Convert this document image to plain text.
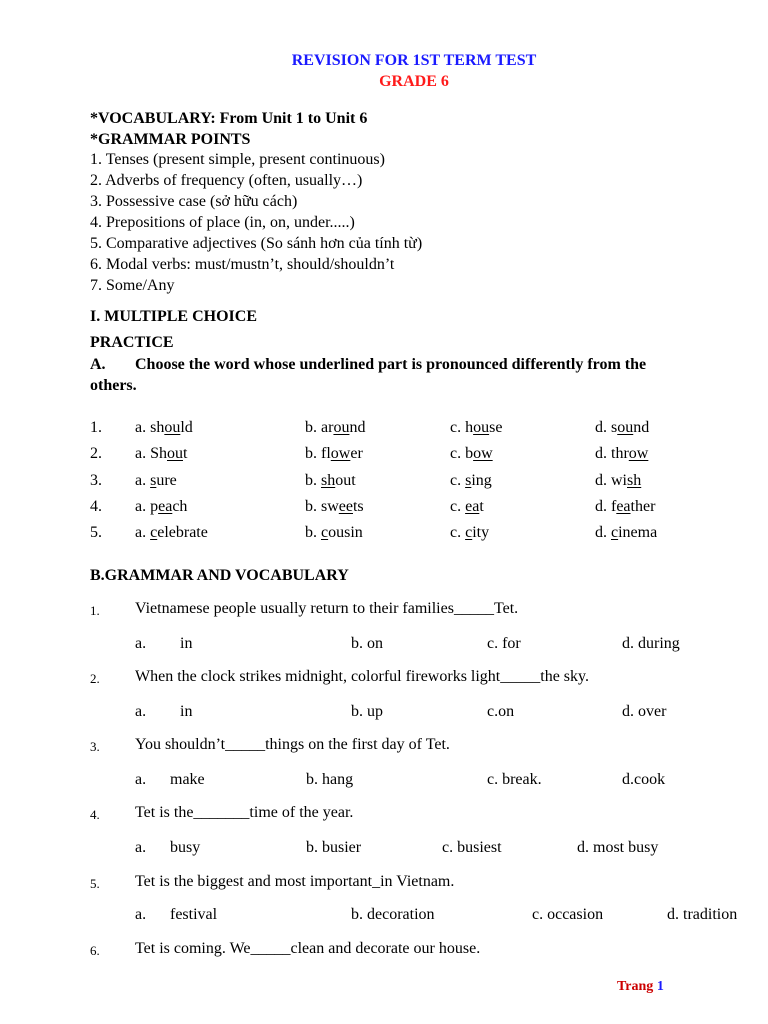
REVISION FOR 1ST TERM TEST
GRADE 6
*VOCABULARY: From Unit 1 to Unit 6
*GRAMMAR POINTS
1. Tenses (present simple, present continuous)
2. Adverbs of frequency (often, usually…)
3. Possessive case (sở hữu cách)
4. Prepositions of place (in, on, under.....)
5. Comparative adjectives (So sánh hơn của tính từ)
6. Modal verbs: must/mustn’t, should/shouldn’t
7. Some/Any
I. MULTIPLE CHOICE
PRACTICE
A. Choose the word whose underlined part is pronounced differently from the
others.
1. a. should	b. around	c. house	d. sound
2. a. Shout	b. flower	c. bow	d. throw
3. a. sure	b. shout	c. sing	d. wish
4. a. peach	b. sweets	c. eat	d. feather
5. a. celebrate	b. cousin	c. city	d. cinema
B.GRAMMAR AND VOCABULARY
1. Vietnamese people usually return to their families_____Tet.
a. in	b. on	c. for	d. during
2. When the clock strikes midnight, colorful fireworks light_____the sky.
a. in	b. up	c.on	d. over
3. You shouldn’t_____things on the first day of Tet.
a. make	b. hang	c. break.	d.cook
4. Tet is the_______time of the year.
a. busy	b. busier	c. busiest	d. most busy
5. Tet is the biggest and most important_in Vietnam.
a. festival	b. decoration	c. occasion	d. tradition
6. Tet is coming. We_____clean and decorate our house.
Trang 1
